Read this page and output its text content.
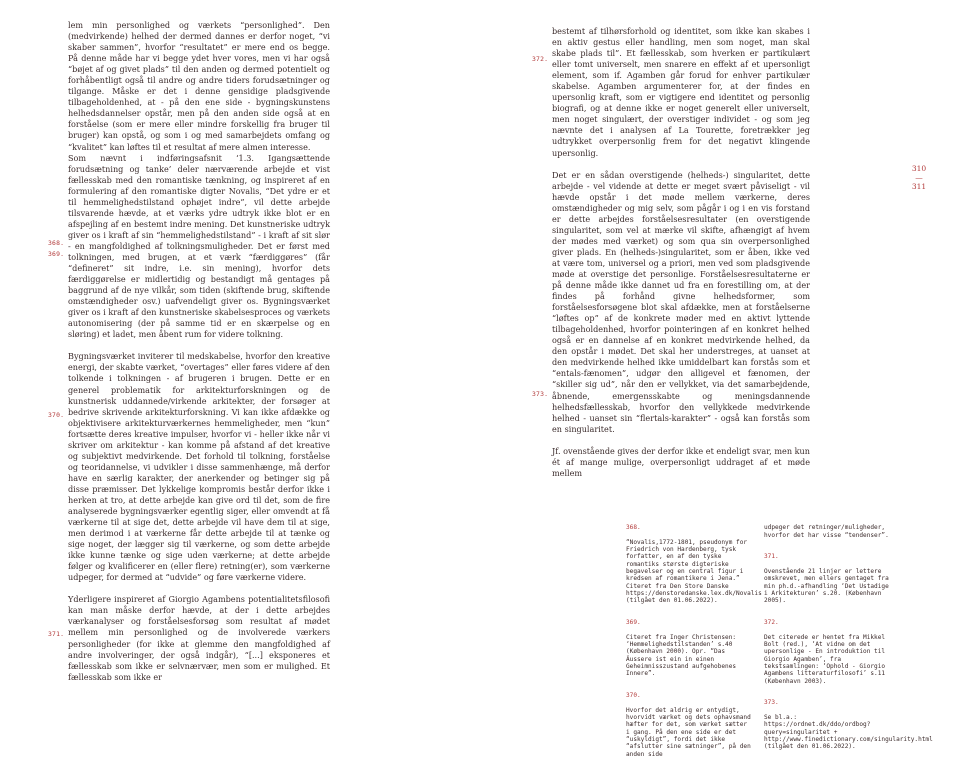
lem min personlighed og værkets “personlighed”. Den (medvirkende) helhed der dermed dannes er derfor noget, “vi skaber sammen”, hvorfor “resultatet” er mere end os begge. På denne måde har vi begge ydet hver vores, men vi har også “bøjet af og givet plads” til den anden og dermed potentielt og forhåbentligt også til andre og andre tiders forudsætninger og tilgange. Måske er det i denne gensidige pladsgivende tilbageholdenhed, at - på den ene side - bygningskunstens helhedsdannelser opstår, men på den anden side også at en forståelse (som er mere eller mindre forskellig fra bruger til bruger) kan opstå, og som i og med samarbejdets omfang og “kvalitet” kan løftes til et resultat af mere almen interesse.

Som nævnt i indføringsafsnit ‘1.3. Igangsættende forudsætning og tanke’ deler nærværende arbejde et vist fællesskab med den romantiske tænkning, og inspireret af en formulering af den romantiske digter Novalis, “Det ydre er et til hemmelighedstilstand ophøjet indre”, vil dette arbejde tilsvarende hævde, at et værks ydre udtryk ikke blot er en afspejling af en bestemt indre mening. Det kunstneriske udtryk giver os i kraft af sin “hemmelighedstilstand” - i kraft af sit slør - en mangfoldighed af tolkningsmuligheder. Det er først med tolkningen, med brugen, at et værk “færdiggøres” (får “defineret” sit indre, i.e. sin mening), hvorfor dets færdiggørelse er midlertidig og bestandigt må gentages på baggrund af de nye vilkår, som tiden (skiftende brug, skiftende omstændigheder osv.) uafvendeligt giver os. Bygningsværket giver os i kraft af den kunstneriske skabelsesproces og værkets autonomisering (der på samme tid er en skærpelse og en sløring) et ladet, men åbent rum for videre tolkning.

Bygningsværket inviterer til medskabelse, hvorfor den kreative energi, der skabte værket, “overtages” eller føres videre af den tolkende i tolkningen - af brugeren i brugen. Dette er en generel problematik for arkitekturforskningen og de kunstnerisk uddannede/virkende arkitekter, der forsøger at bedrive skrivende arkitekturforskning. Vi kan ikke afdække og objektivisere arkitekturværkernes hemmeligheder, men “kun” fortsætte deres kreative impulser, hvorfor vi - heller ikke når vi skriver om arkitektur - kan komme på afstand af det kreative og subjektivt medvirkende. Det forhold til tolkning, forståelse og teoridannelse, vi udvikler i disse sammenhænge, må derfor have en særlig karakter, der anerkender og betinger sig på disse præmisser. Det lykkelige kompromis består derfor ikke i herken at tro, at dette arbejde kan give ord til det, som de fire analyserede bygningsværker egentlig siger, eller omvendt at få værkerne til at sige det, dette arbejde vil have dem til at sige, men derimod i at værkerne får dette arbejde til at tænke og sige noget, der lægger sig til værkerne, og som dette arbejde ikke kunne tænke og sige uden værkerne; at dette arbejde følger og kvalificerer en (eller flere) retning(er), som værkerne udpeger, for dermed at “udvide” og føre værkerne videre.

Yderligere inspireret af Giorgio Agambens potentialitetsfilosofi kan man måske derfor hævde, at der i dette arbejdes værkanalyser og forståelsesforsøg som resultat af mødet mellem min personlighed og de involverede værkers personligheder (for ikke at glemme den mangfoldighed af andre involveringer, der også indgår), “[...] eksponeres et fællesskab som ikke er selvnærvær, men som er mulighed. Et fællesskab som ikke er

368.
369.
370.
371.

bestemt af tilhørsforhold og identitet, som ikke kan skabes i en aktiv gestus eller handling, men som noget, man skal skabe plads til”. Et fællesskab, som hverken er partikulært eller tomt universelt, men snarere en effekt af et upersonligt element, som if. Agamben går forud for enhver partikulær skabelse. Agamben argumenterer for, at der findes en upersonlig kraft, som er vigtigere end identitet og personlig biografi, og at denne ikke er noget generelt eller universelt, men noget singulært, der overstiger individet - og som jeg nævnte det i analysen af La Tourette, foretrækker jeg udtrykket overpersonlig frem for det negativt klingende upersonlig.

Det er en sådan overstigende (helheds-) singularitet, dette arbejde - vel vidende at dette er meget svært påviseligt - vil hævde opstår i det møde mellem værkerne, deres omstændigheder og mig selv, som pågår i og i en vis forstand er dette arbejdes forståelsesresultater (en overstigende singularitet, som vel at mærke vil skifte, afhængigt af hvem der mødes med værket) og som qua sin overpersonlighed giver plads. En (helheds-)singularitet, som er åben, ikke ved at være tom, universel og a priori, men ved som pladsgivende møde at overstige det personlige. Forståelsesresultaterne er på denne måde ikke dannet ud fra en forestilling om, at der findes på forhånd givne helhedsformer, som forståelsesforsøgene blot skal afdække, men at forståelserne “løftes op” af de konkrete møder med en aktivt lyttende tilbageholdenhed, hvorfor pointeringen af en konkret helhed også er en dannelse af en konkret medvirkende helhed, da den opstår i mødet. Det skal her understreges, at uanset at den medvirkende helhed ikke umiddelbart kan forstås som et “entals-fænomen”, udgør den alligevel et fænomen, der “skiller sig ud”, når den er vellykket, via det samarbejdende, åbnende, emergensskabte og meningsdannende helhedsfællesskab, hvorfor den vellykkede medvirkende helhed - uanset sin “flertals-karakter” - også kan forstås som en singularitet.

Jf. ovenstående gives der derfor ikke et endeligt svar, men kun ét af mange mulige, overpersonligt uddraget af et møde mellem

372.
373.
310
—
311

368.

“Novalis,1772-1801, pseudonym for Friedrich von Hardenberg, tysk forfatter, en af den tyske romantiks største digteriske begavelser og en central figur i kredsen af romantikere i Jena.” Citeret fra Den Store Danske https://denstoredanske.lex.dk/Novalis (tilgået den 01.06.2022).

369.

Citeret fra Inger Christensen: ‘Hemmelighedstilstanden’ s.40 (København 2000). Opr. “Das Äussere ist ein in einen Geheimnisszustand aufgehobenes Innere”.

370.

Hvorfor det aldrig er entydigt, hvorvidt værket og dets ophavsmand hæfter for det, som værket sætter i gang. På den ene side er det “uskyldigt”, fordi det ikke “afslutter sine sætninger”, på den anden side

udpeger det retninger/muligheder, hvorfor det har visse “tendenser”.

371.

Ovenstående 21 linjer er lettere omskrevet, men ellers gentaget fra min ph.d.-afhandling ‘Det Ustadige i Arkitekturen’ s.20. (København 2005).

372.

Det citerede er hentet fra Mikkel Bolt (red.), ‘At vidne om det upersonlige - En introduktion til Giorgio Agamben’, fra tekstsamlingen: ‘Ophold - Giorgio Agambens litteraturfilosofi’ s.11 (København 2003).

373.

Se bl.a.: https://ordnet.dk/ddo/ordbog?query=singularitet + http://www.finedictionary.com/singularity.html (tilgået den 01.06.2022).
